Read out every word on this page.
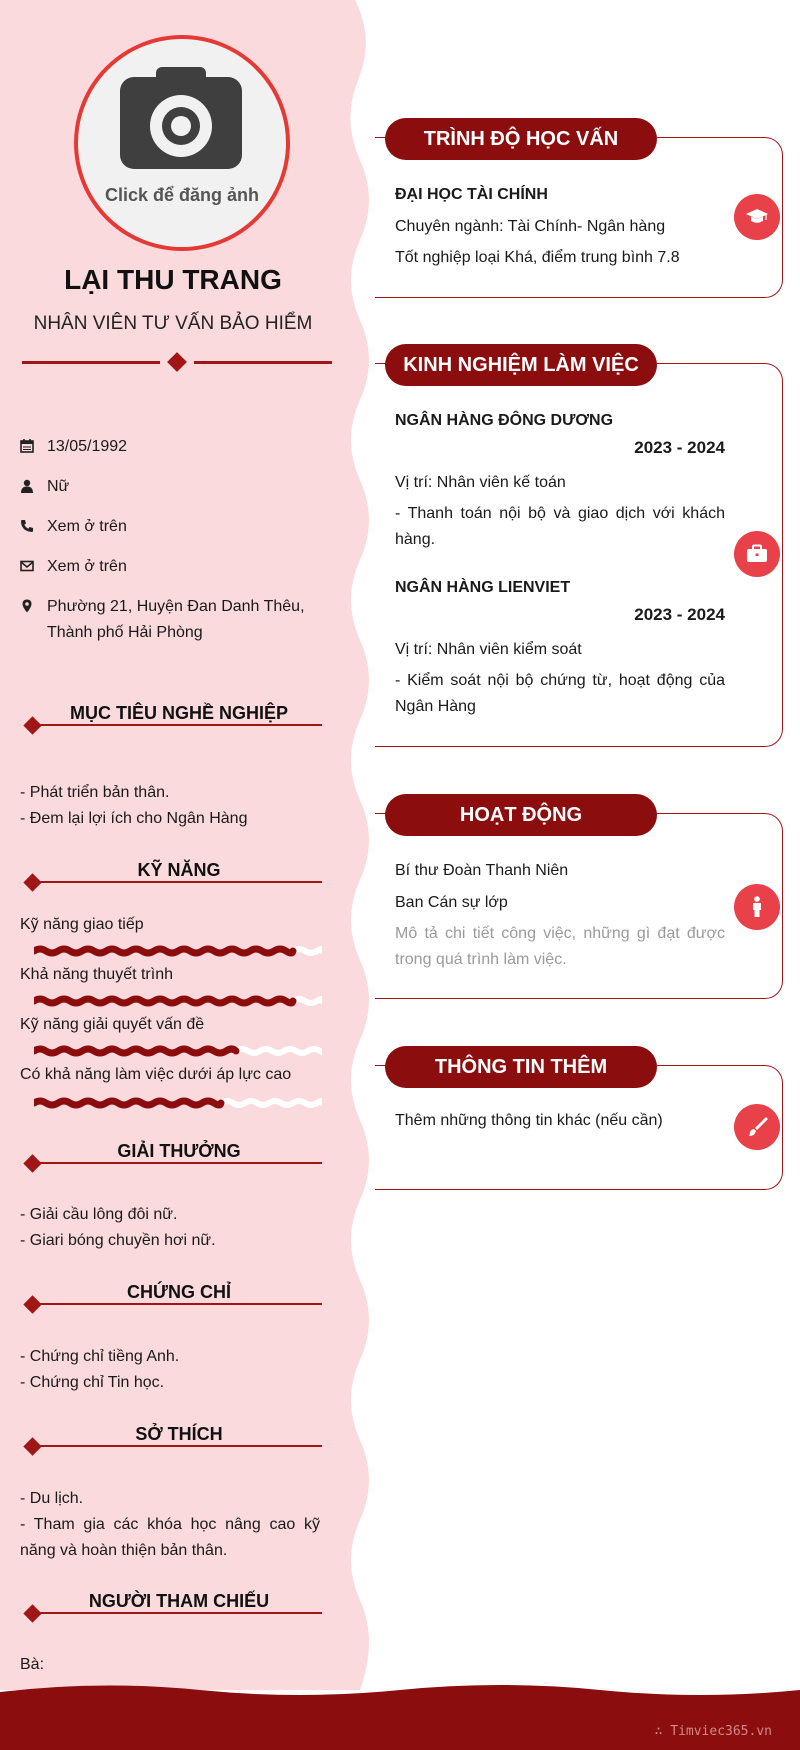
Click để đăng ảnh
LẠI THU TRANG
NHÂN VIÊN TƯ VẤN BẢO HIỂM
13/05/1992
Nữ
Xem ở trên
Xem ở trên
Phường 21, Huyện Đan Danh Thêu, Thành phố Hải Phòng
MỤC TIÊU NGHỀ NGHIỆP
- Phát triển bản thân.
- Đem lại lợi ích cho Ngân Hàng
KỸ NĂNG
Kỹ năng giao tiếp
Khả năng thuyết trình
Kỹ năng giải quyết vấn đề
Có khả năng làm việc dưới áp lực cao
GIẢI THƯỞNG
- Giải cầu lông đôi nữ.
- Giari bóng chuyền hơi nữ.
CHỨNG CHỈ
- Chứng chỉ tiềng Anh.
- Chứng chỉ Tin học.
SỞ THÍCH
- Du lịch.
- Tham gia các khóa học nâng cao kỹ năng và hoàn thiện bản thân.
NGƯỜI THAM CHIẾU
Bà:
TRÌNH ĐỘ HỌC VẤN
ĐẠI HỌC TÀI CHÍNH
Chuyên ngành: Tài Chính- Ngân hàng
Tốt nghiệp loại Khá, điểm trung bình 7.8
KINH NGHIỆM LÀM VIỆC
NGÂN HÀNG ĐÔNG DƯƠNG
2023 - 2024
Vị trí: Nhân viên kế toán
- Thanh toán nội bộ và giao dịch với khách hàng.
NGÂN HÀNG LIENVIET
2023 - 2024
Vị trí: Nhân viên kiểm soát
- Kiểm soát nội bộ chứng từ, hoạt động của Ngân Hàng
HOẠT ĐỘNG
Bí thư Đoàn Thanh Niên
Ban Cán sự lớp
Mô tả chi tiết công việc, những gì đạt được trong quá trình làm việc.
THÔNG TIN THÊM
Thêm những thông tin khác (nếu cần)
∴ Timviec365.vn
